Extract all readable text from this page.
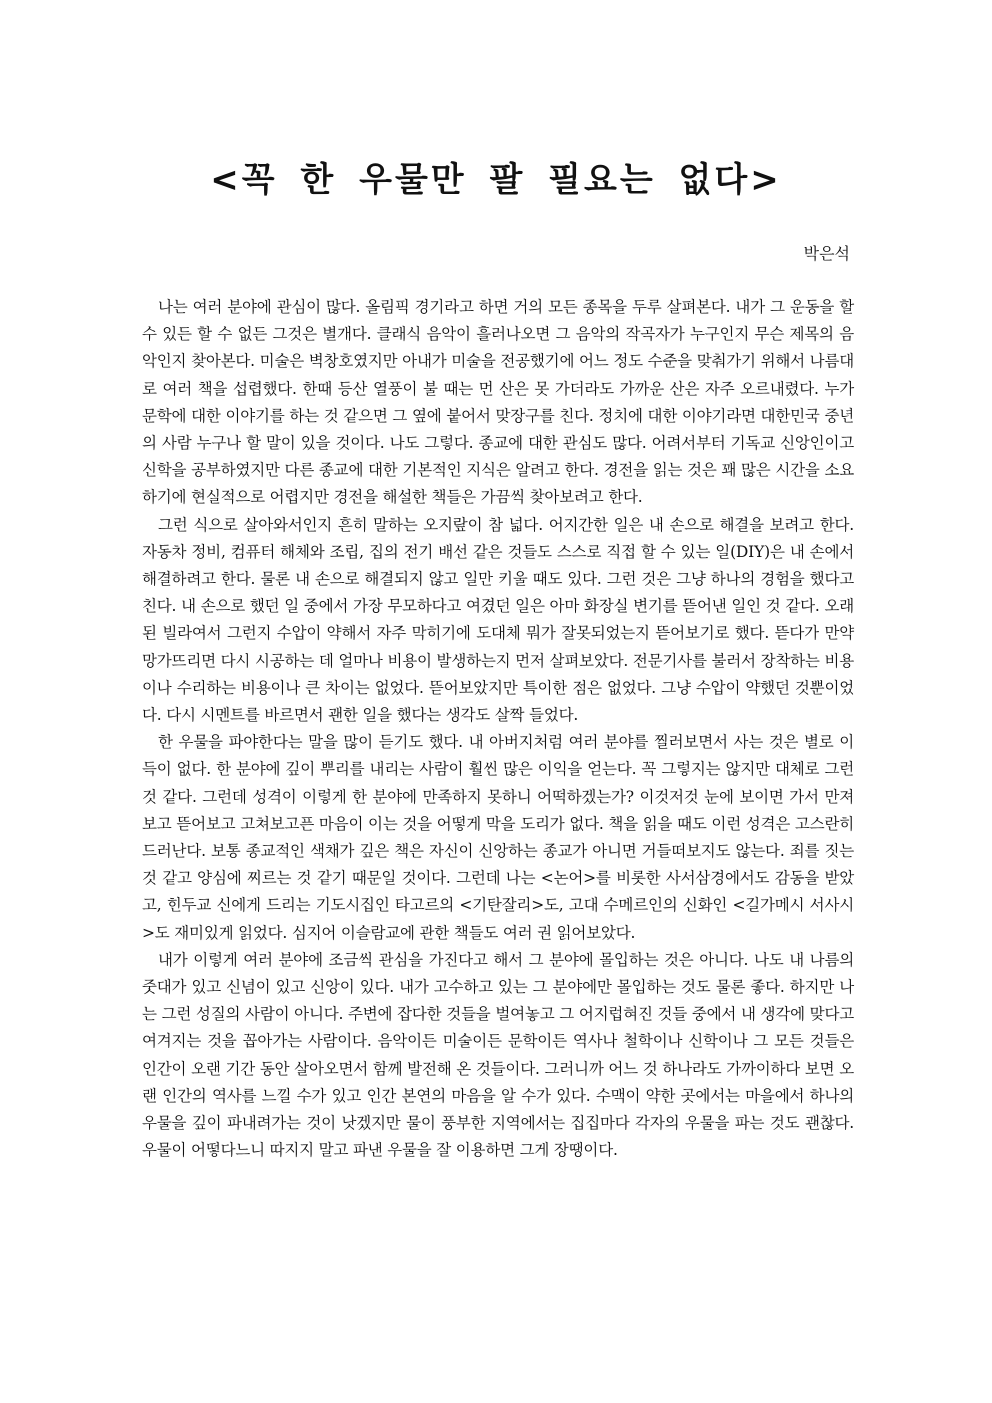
<꼭 한 우물만 팔 필요는 없다>

박은석

나는 여러 분야에 관심이 많다. 올림픽 경기라고 하면 거의 모든 종목을 두루 살펴본다. 내가 그 운동을 할 수 있든 할 수 없든 그것은 별개다. 클래식 음악이 흘러나오면 그 음악의 작곡자가 누구인지 무슨 제목의 음악인지 찾아본다. 미술은 벽창호였지만 아내가 미술을 전공했기에 어느 정도 수준을 맞춰가기 위해서 나름대로 여러 책을 섭렵했다. 한때 등산 열풍이 불 때는 먼 산은 못 가더라도 가까운 산은 자주 오르내렸다. 누가 문학에 대한 이야기를 하는 것 같으면 그 옆에 붙어서 맞장구를 친다. 정치에 대한 이야기라면 대한민국 중년의 사람 누구나 할 말이 있을 것이다. 나도 그렇다. 종교에 대한 관심도 많다. 어려서부터 기독교 신앙인이고 신학을 공부하였지만 다른 종교에 대한 기본적인 지식은 알려고 한다. 경전을 읽는 것은 꽤 많은 시간을 소요하기에 현실적으로 어렵지만 경전을 해설한 책들은 가끔씩 찾아보려고 한다.

그런 식으로 살아와서인지 흔히 말하는 오지랖이 참 넓다. 어지간한 일은 내 손으로 해결을 보려고 한다. 자동차 정비, 컴퓨터 해체와 조립, 집의 전기 배선 같은 것들도 스스로 직접 할 수 있는 일(DIY)은 내 손에서 해결하려고 한다. 물론 내 손으로 해결되지 않고 일만 키울 때도 있다. 그런 것은 그냥 하나의 경험을 했다고 친다. 내 손으로 했던 일 중에서 가장 무모하다고 여겼던 일은 아마 화장실 변기를 뜯어낸 일인 것 같다. 오래된 빌라여서 그런지 수압이 약해서 자주 막히기에 도대체 뭐가 잘못되었는지 뜯어보기로 했다. 뜯다가 만약 망가뜨리면 다시 시공하는 데 얼마나 비용이 발생하는지 먼저 살펴보았다. 전문기사를 불러서 장착하는 비용이나 수리하는 비용이나 큰 차이는 없었다. 뜯어보았지만 특이한 점은 없었다. 그냥 수압이 약했던 것뿐이었다. 다시 시멘트를 바르면서 괜한 일을 했다는 생각도 살짝 들었다.

한 우물을 파야한다는 말을 많이 듣기도 했다. 내 아버지처럼 여러 분야를 찔러보면서 사는 것은 별로 이득이 없다. 한 분야에 깊이 뿌리를 내리는 사람이 훨씬 많은 이익을 얻는다. 꼭 그렇지는 않지만 대체로 그런 것 같다. 그런데 성격이 이렇게 한 분야에 만족하지 못하니 어떡하겠는가? 이것저것 눈에 보이면 가서 만져보고 뜯어보고 고쳐보고픈 마음이 이는 것을 어떻게 막을 도리가 없다. 책을 읽을 때도 이런 성격은 고스란히 드러난다. 보통 종교적인 색채가 깊은 책은 자신이 신앙하는 종교가 아니면 거들떠보지도 않는다. 죄를 짓는 것 같고 양심에 찌르는 것 같기 때문일 것이다. 그런데 나는 <논어>를 비롯한 사서삼경에서도 감동을 받았고, 힌두교 신에게 드리는 기도시집인 타고르의 <기탄잘리>도, 고대 수메르인의 신화인 <길가메시 서사시>도 재미있게 읽었다. 심지어 이슬람교에 관한 책들도 여러 권 읽어보았다.

내가 이렇게 여러 분야에 조금씩 관심을 가진다고 해서 그 분야에 몰입하는 것은 아니다. 나도 내 나름의 줏대가 있고 신념이 있고 신앙이 있다. 내가 고수하고 있는 그 분야에만 몰입하는 것도 물론 좋다. 하지만 나는 그런 성질의 사람이 아니다. 주변에 잡다한 것들을 벌여놓고 그 어지럽혀진 것들 중에서 내 생각에 맞다고 여겨지는 것을 꼽아가는 사람이다. 음악이든 미술이든 문학이든 역사나 철학이나 신학이나 그 모든 것들은 인간이 오랜 기간 동안 살아오면서 함께 발전해 온 것들이다. 그러니까 어느 것 하나라도 가까이하다 보면 오랜 인간의 역사를 느낄 수가 있고 인간 본연의 마음을 알 수가 있다. 수맥이 약한 곳에서는 마을에서 하나의 우물을 깊이 파내려가는 것이 낫겠지만 물이 풍부한 지역에서는 집집마다 각자의 우물을 파는 것도 괜찮다. 우물이 어떻다느니 따지지 말고 파낸 우물을 잘 이용하면 그게 장땡이다.
